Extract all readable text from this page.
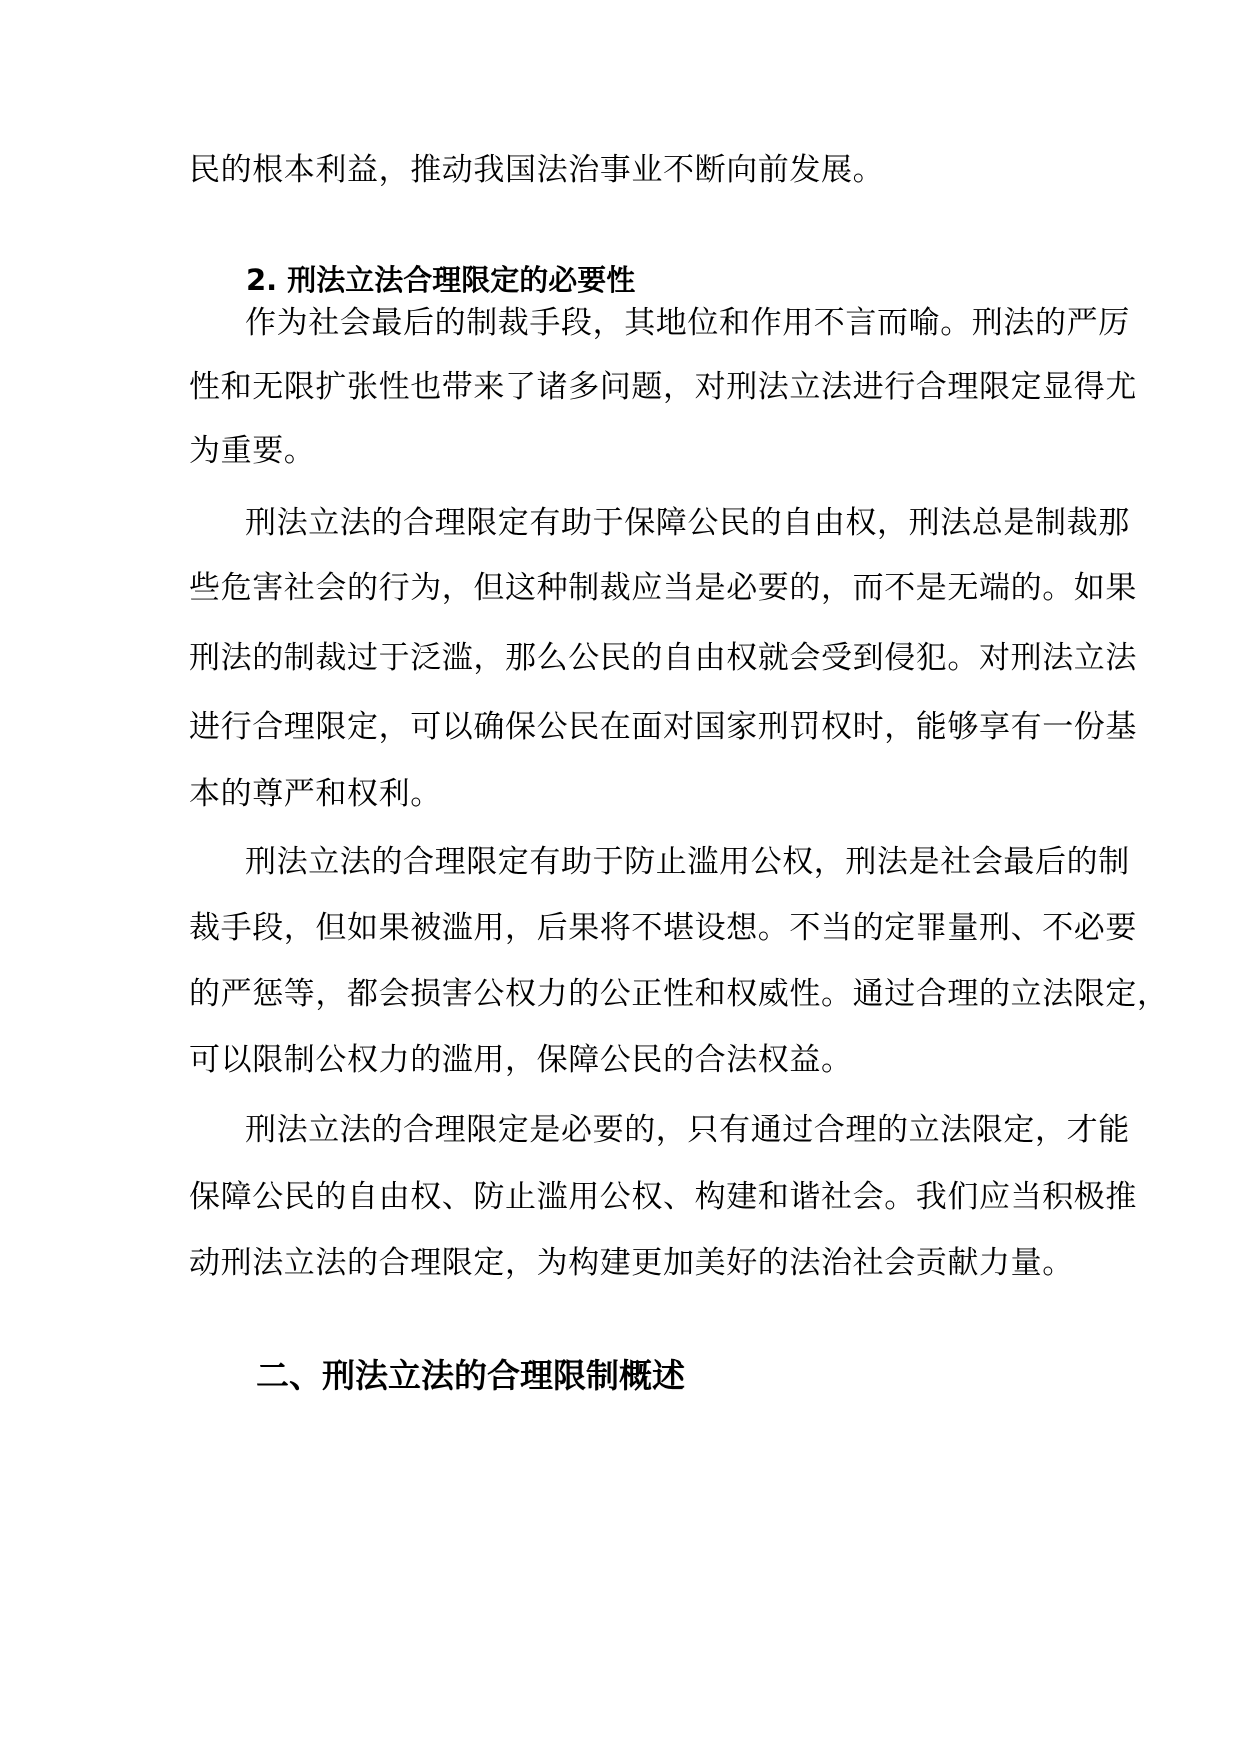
民的根本利益，推动我国法治事业不断向前发展。
2. 刑法立法合理限定的必要性
作为社会最后的制裁手段，其地位和作用不言而喻。刑法的严厉
性和无限扩张性也带来了诸多问题，对刑法立法进行合理限定显得尤
为重要。
刑法立法的合理限定有助于保障公民的自由权，刑法总是制裁那
些危害社会的行为，但这种制裁应当是必要的，而不是无端的。如果
刑法的制裁过于泛滥，那么公民的自由权就会受到侵犯。对刑法立法
进行合理限定，可以确保公民在面对国家刑罚权时，能够享有一份基
本的尊严和权利。
刑法立法的合理限定有助于防止滥用公权，刑法是社会最后的制
裁手段，但如果被滥用，后果将不堪设想。不当的定罪量刑、不必要
的严惩等，都会损害公权力的公正性和权威性。通过合理的立法限定，
可以限制公权力的滥用，保障公民的合法权益。
刑法立法的合理限定是必要的，只有通过合理的立法限定，才能
保障公民的自由权、防止滥用公权、构建和谐社会。我们应当积极推
动刑法立法的合理限定，为构建更加美好的法治社会贡献力量。
二、刑法立法的合理限制概述
